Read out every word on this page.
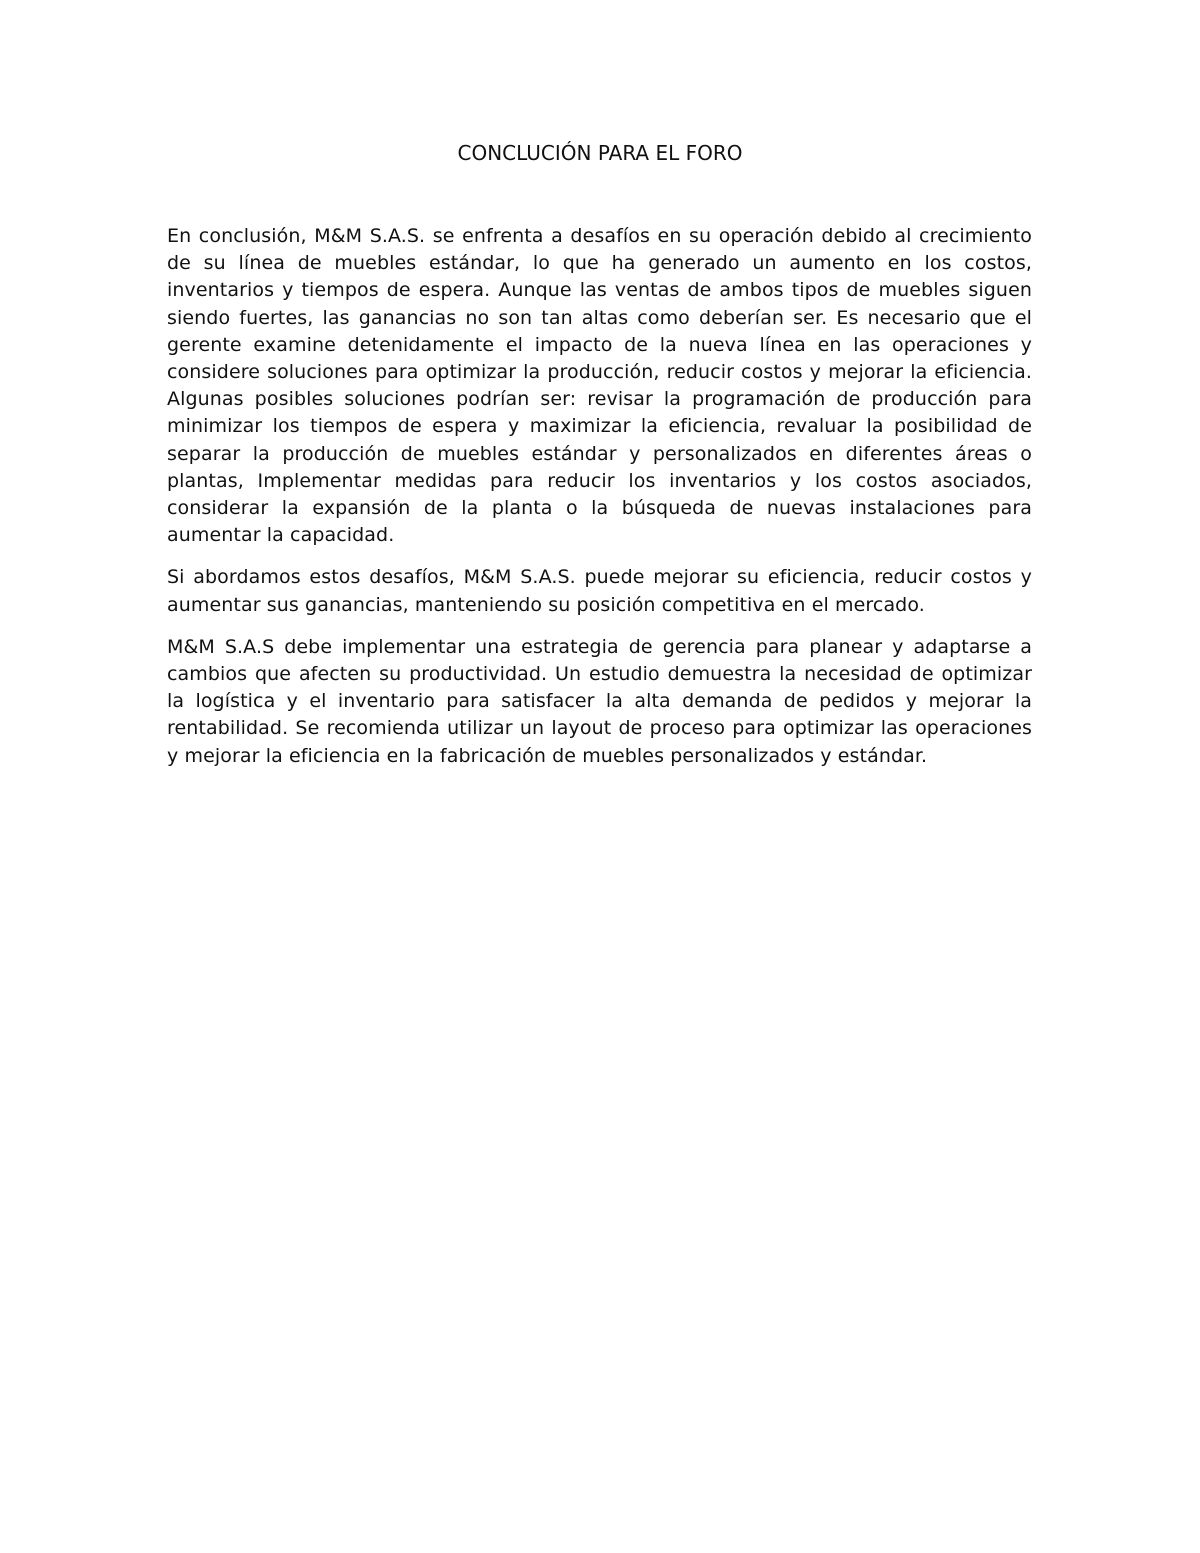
CONCLUCIÓN PARA EL FORO

En conclusión, M&M S.A.S. se enfrenta a desafíos en su operación debido al crecimiento de su línea de muebles estándar, lo que ha generado un aumento en los costos, inventarios y tiempos de espera. Aunque las ventas de ambos tipos de muebles siguen siendo fuertes, las ganancias no son tan altas como deberían ser. Es necesario que el gerente examine detenidamente el impacto de la nueva línea en las operaciones y considere soluciones para optimizar la producción, reducir costos y mejorar la eficiencia. Algunas posibles soluciones podrían ser: revisar la programación de producción para minimizar los tiempos de espera y maximizar la eficiencia, revaluar la posibilidad de separar la producción de muebles estándar y personalizados en diferentes áreas o plantas, Implementar medidas para reducir los inventarios y los costos asociados, considerar la expansión de la planta o la búsqueda de nuevas instalaciones para aumentar la capacidad.

Si abordamos estos desafíos, M&M S.A.S. puede mejorar su eficiencia, reducir costos y aumentar sus ganancias, manteniendo su posición competitiva en el mercado.

M&M S.A.S debe implementar una estrategia de gerencia para planear y adaptarse a cambios que afecten su productividad. Un estudio demuestra la necesidad de optimizar la logística y el inventario para satisfacer la alta demanda de pedidos y mejorar la rentabilidad. Se recomienda utilizar un layout de proceso para optimizar las operaciones y mejorar la eficiencia en la fabricación de muebles personalizados y estándar.
